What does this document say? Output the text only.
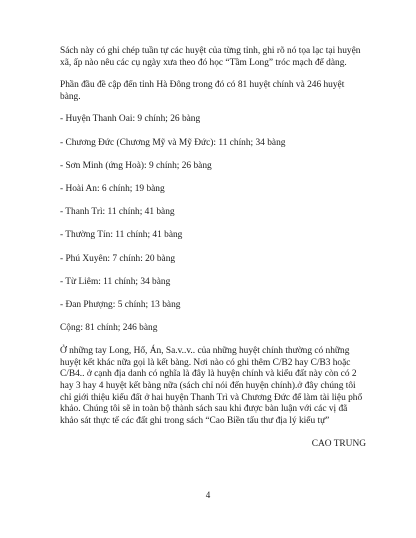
Sách này có ghi chép tuần tự các huyệt của từng tỉnh, ghi rõ nó tọa lạc tại huyện xã, ấp nào nêu các cụ ngày xưa theo đó học “Tầm Long” tróc mạch để dàng.

Phần đầu đề cập đến tỉnh Hà Đông trong đó có 81 huyệt chính và 246 huyệt bàng.

- Huyện Thanh Oai: 9 chính; 26 bàng

- Chương Đức (Chương Mỹ và Mỹ Đức): 11 chính; 34 bàng

- Sơn Minh (ứng Hoà): 9 chính; 26 bàng

- Hoài An: 6 chính; 19 bàng

- Thanh Trì: 11 chính; 41 bàng

- Thường Tín: 11 chính; 41 bàng

- Phú Xuyên: 7 chính: 20 bàng

- Từ Liêm: 11 chính; 34 bàng

- Đan Phượng: 5 chính; 13 bàng

Cộng: 81 chính; 246 bàng

Ở những tay Long, Hổ, Án, Sa.v..v.. của những huyệt chính thường có những huyệt kết khác nữa gọi là kết bàng. Nơi nào có ghi thêm C/B2 hay C/B3 hoặc C/B4.. ở cạnh địa danh có nghĩa là đây là huyện chính và kiểu đất này còn có 2 hay 3 hay 4 huyệt kết bàng nữa (sách chỉ nói đến huyện chính).ở đây chúng tôi chỉ giới thiệu kiểu đất ở hai huyện Thanh Trì và Chương Đức để làm tài liệu phổ khảo. Chúng tôi sẽ in toàn bộ thành sách sau khi được bàn luận với các vị đã khảo sát thực tế các đất ghi trong sách “Cao Biền tấu thư địa lý kiểu tự”

CAO TRUNG

4
